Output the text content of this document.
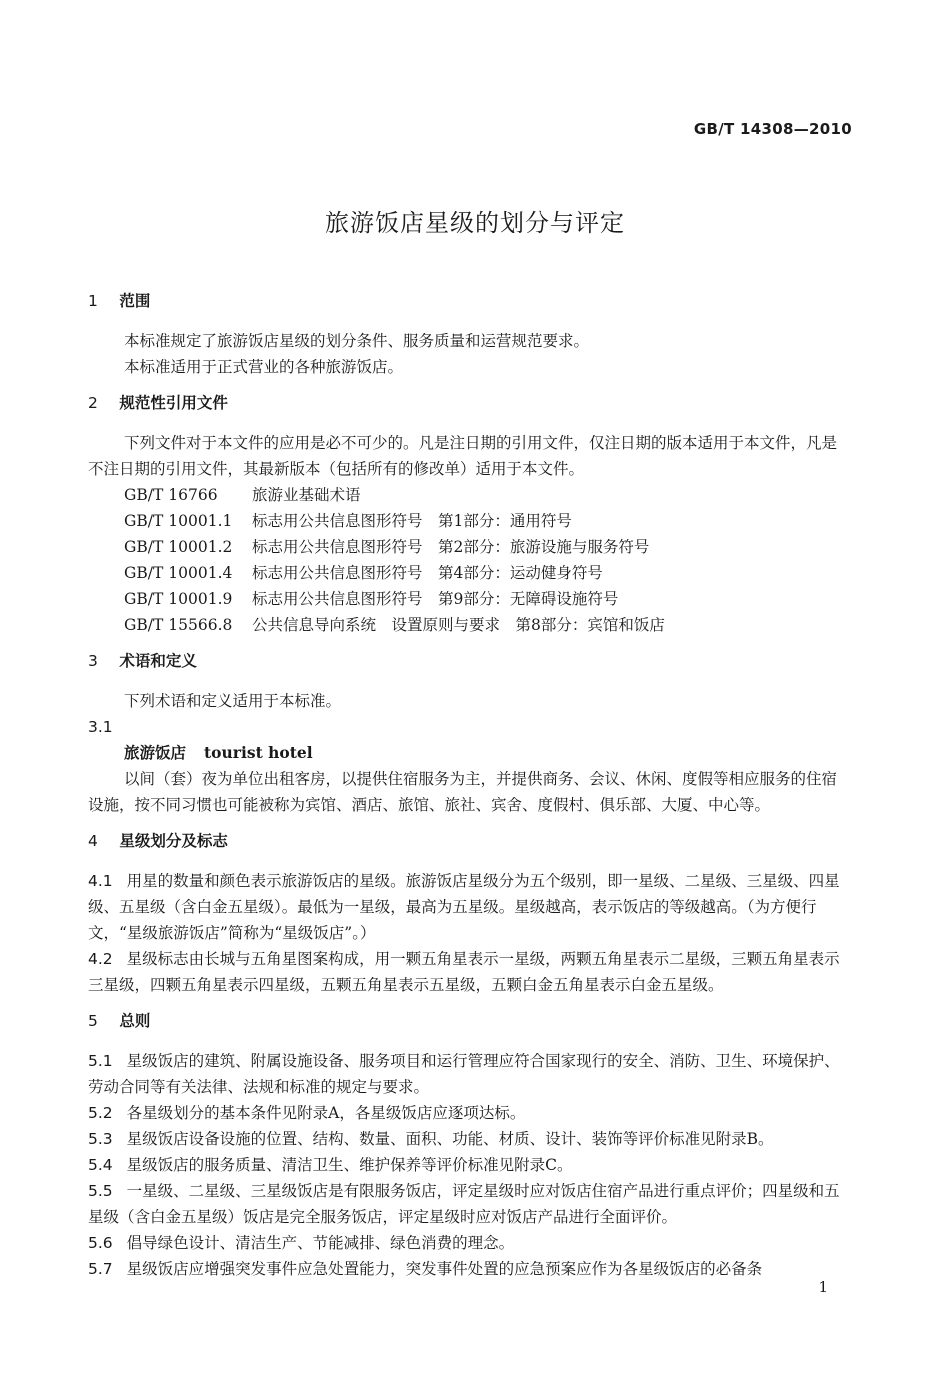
GB/T 14308—2010
旅游饭店星级的划分与评定
1 范围
本标准规定了旅游饭店星级的划分条件、服务质量和运营规范要求。
本标准适用于正式营业的各种旅游饭店。
2 规范性引用文件
下列文件对于本文件的应用是必不可少的。凡是注日期的引用文件，仅注日期的版本适用于本文件，凡是不注日期的引用文件，其最新版本（包括所有的修改单）适用于本文件。
GB/T 16766 旅游业基础术语
GB/T 10001.1 标志用公共信息图形符号　第1部分：通用符号
GB/T 10001.2 标志用公共信息图形符号　第2部分：旅游设施与服务符号
GB/T 10001.4 标志用公共信息图形符号　第4部分：运动健身符号
GB/T 10001.9 标志用公共信息图形符号　第9部分：无障碍设施符号
GB/T 15566.8 公共信息导向系统　设置原则与要求　第8部分：宾馆和饭店
3 术语和定义
下列术语和定义适用于本标准。
3.1
旅游饭店 tourist hotel
以间（套）夜为单位出租客房，以提供住宿服务为主，并提供商务、会议、休闲、度假等相应服务的住宿设施，按不同习惯也可能被称为宾馆、酒店、旅馆、旅社、宾舍、度假村、俱乐部、大厦、中心等。
4 星级划分及标志
4.1 用星的数量和颜色表示旅游饭店的星级。旅游饭店星级分为五个级别，即一星级、二星级、三星级、四星级、五星级（含白金五星级）。最低为一星级，最高为五星级。星级越高，表示饭店的等级越高。（为方便行文，“星级旅游饭店”简称为“星级饭店”。）
4.2 星级标志由长城与五角星图案构成，用一颗五角星表示一星级，两颗五角星表示二星级，三颗五角星表示三星级，四颗五角星表示四星级，五颗五角星表示五星级，五颗白金五角星表示白金五星级。
5 总则
5.1 星级饭店的建筑、附属设施设备、服务项目和运行管理应符合国家现行的安全、消防、卫生、环境保护、劳动合同等有关法律、法规和标准的规定与要求。
5.2 各星级划分的基本条件见附录A，各星级饭店应逐项达标。
5.3 星级饭店设备设施的位置、结构、数量、面积、功能、材质、设计、装饰等评价标准见附录B。
5.4 星级饭店的服务质量、清洁卫生、维护保养等评价标准见附录C。
5.5 一星级、二星级、三星级饭店是有限服务饭店，评定星级时应对饭店住宿产品进行重点评价；四星级和五星级（含白金五星级）饭店是完全服务饭店，评定星级时应对饭店产品进行全面评价。
5.6 倡导绿色设计、清洁生产、节能减排、绿色消费的理念。
5.7 星级饭店应增强突发事件应急处置能力，突发事件处置的应急预案应作为各星级饭店的必备条
1
